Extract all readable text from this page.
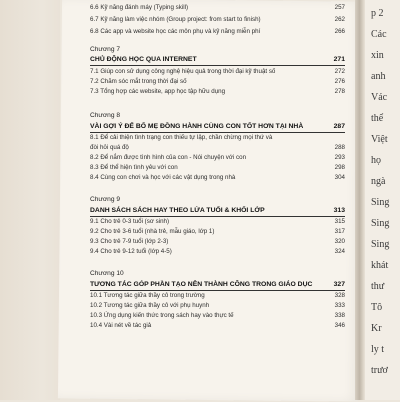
p 2
Các
xin
anh
Vác
thể
Việt
họ
ngà
Sing
Sing
Sing
khát
thư
Tô
Kr
ly t
trươ
6.6 Kỹ năng đánh máy (Typing skill)	257
6.7 Kỹ năng làm việc nhóm (Group project: from start to finish)	262
6.8 Các app và website học các môn phụ và kỹ năng miễn phí	266
Chương 7
CHỦ ĐỘNG HỌC QUA INTERNET	271
7.1 Giúp con sử dụng công nghệ hiệu quả trong thời đại kỹ thuật số	272
7.2 Chăm sóc mắt trong thời đại số	276
7.3 Tổng hợp các website, app học tập hữu dụng	278
Chương 8
VÀI GỢI Ý ĐỂ BỐ MẸ ĐỒNG HÀNH CÙNG CON TỐT HƠN TẠI NHÀ	287
8.1 Để cải thiện tình trạng con thiếu tự lập, chần chừng mọi thứ và
đòi hỏi quá độ	288
8.2 Để nắm được tình hình của con - Nói chuyện với con	293
8.3 Để thể hiện tình yêu với con	298
8.4 Cùng con chơi và học với các vật dụng trong nhà	304
Chương 9
DANH SÁCH SÁCH HAY THEO LỨA TUỔI & KHỐI LỚP	313
9.1 Cho trẻ 0-3 tuổi (sơ sinh)	315
9.2 Cho trẻ 3-6 tuổi (nhà trẻ, mẫu giáo, lớp 1)	317
9.3 Cho trẻ 7-9 tuổi (lớp 2-3)	320
9.4 Cho trẻ 9-12 tuổi (lớp 4-5)	324
Chương 10
TƯƠNG TÁC GÓP PHẦN TẠO NÊN THÀNH CÔNG TRONG GIÁO DỤC	327
10.1 Tương tác giữa thầy cô trong trường	328
10.2 Tương tác giữa thầy cô với phụ huynh	333
10.3 Ứng dụng kiến thức trong sách hay vào thực tế	338
10.4 Vài nét về tác giả	346
